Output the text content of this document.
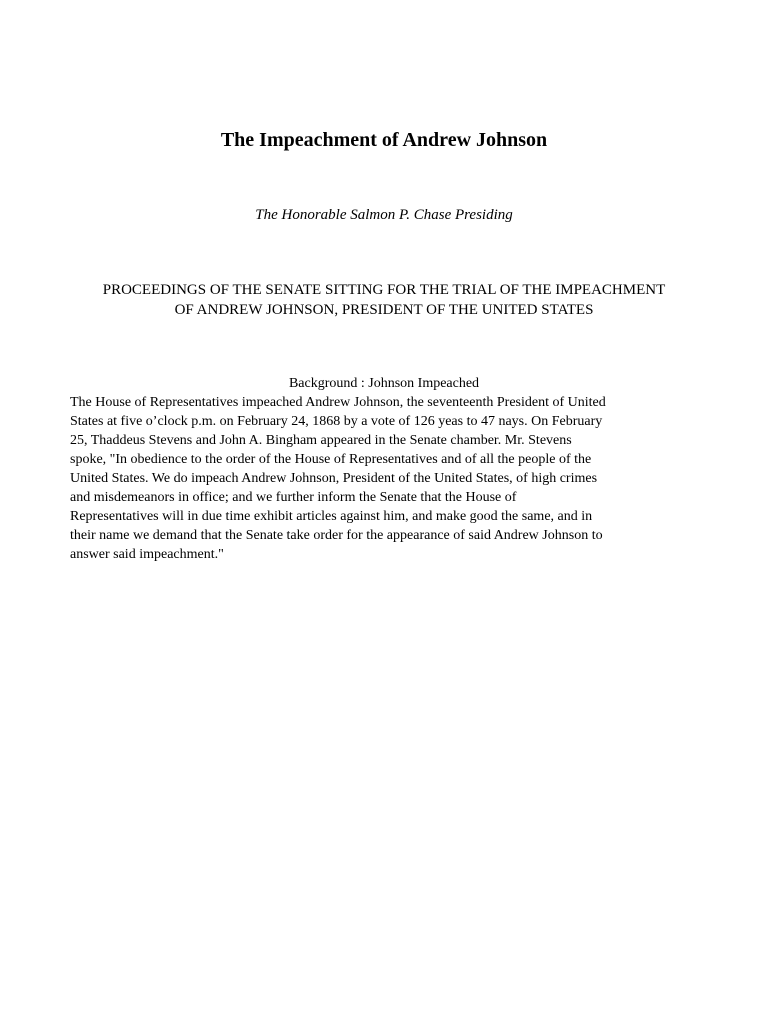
The Impeachment of Andrew Johnson

The Honorable Salmon P. Chase Presiding

PROCEEDINGS OF THE SENATE SITTING FOR THE TRIAL OF THE IMPEACHMENT
OF ANDREW JOHNSON, PRESIDENT OF THE UNITED STATES

Background : Johnson Impeached

The House of Representatives impeached Andrew Johnson, the seventeenth President of United
States at five o’clock p.m. on February 24, 1868 by a vote of 126 yeas to 47 nays. On February
25, Thaddeus Stevens and John A. Bingham appeared in the Senate chamber. Mr. Stevens
spoke, "In obedience to the order of the House of Representatives and of all the people of the
United States. We do impeach Andrew Johnson, President of the United States, of high crimes
and misdemeanors in office; and we further inform the Senate that the House of
Representatives will in due time exhibit articles against him, and make good the same, and in
their name we demand that the Senate take order for the appearance of said Andrew Johnson to
answer said impeachment."
